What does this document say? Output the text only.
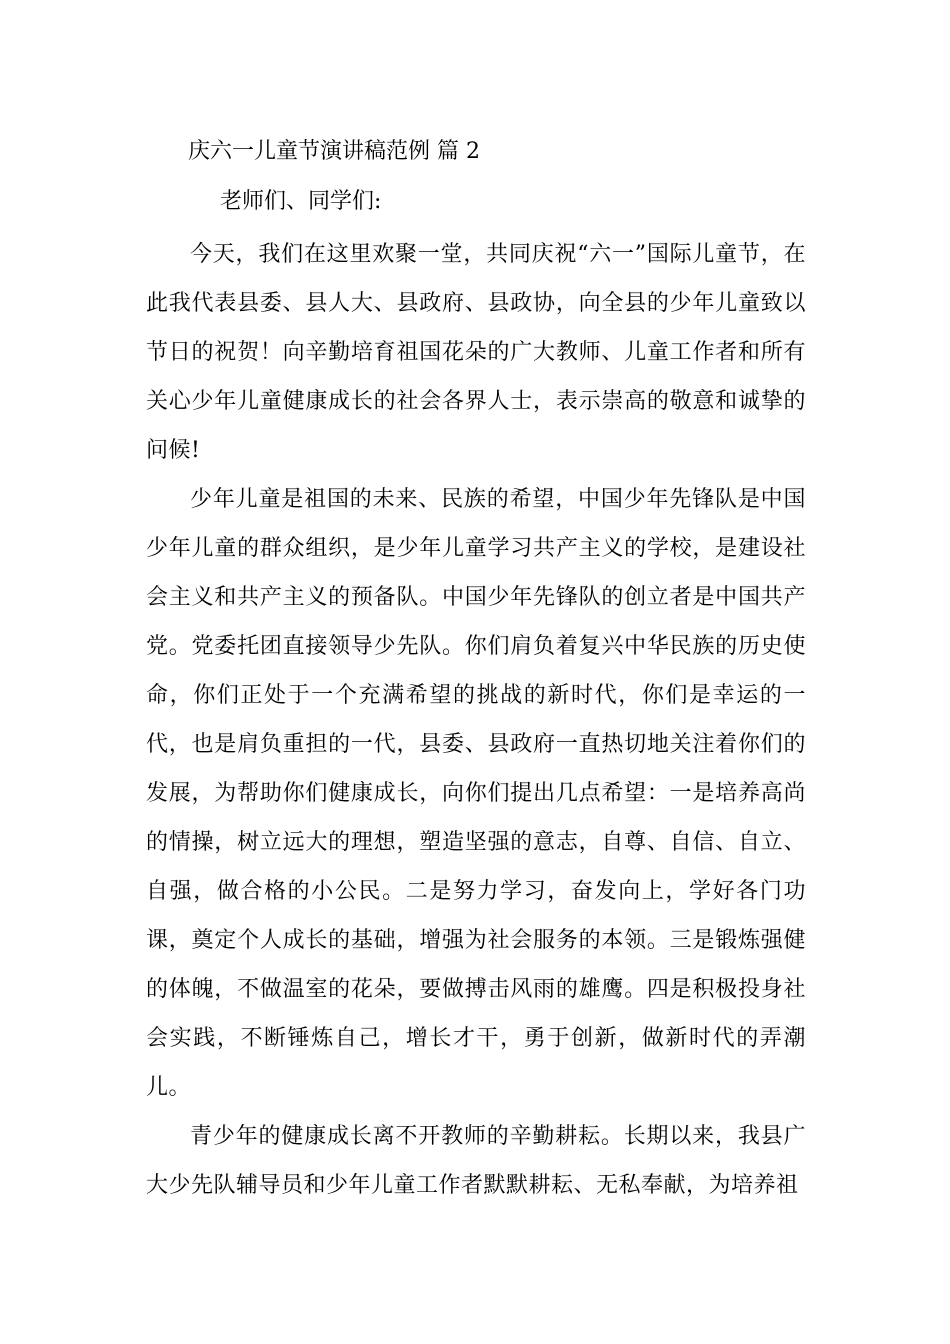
庆六一儿童节演讲稿范例 篇 2
老师们、同学们:

今天，我们在这里欢聚一堂，共同庆祝“六一”国际儿童节，在此我代表县委、县人大、县政府、县政协，向全县的少年儿童致以节日的祝贺！向辛勤培育祖国花朵的广大教师、儿童工作者和所有关心少年儿童健康成长的社会各界人士，表示崇高的敬意和诚挚的问候!

少年儿童是祖国的未来、民族的希望，中国少年先锋队是中国少年儿童的群众组织，是少年儿童学习共产主义的学校，是建设社会主义和共产主义的预备队。中国少年先锋队的创立者是中国共产党。党委托团直接领导少先队。你们肩负着复兴中华民族的历史使命，你们正处于一个充满希望的挑战的新时代，你们是幸运的一代，也是肩负重担的一代，县委、县政府一直热切地关注着你们的发展，为帮助你们健康成长，向你们提出几点希望：一是培养高尚的情操，树立远大的理想，塑造坚强的意志，自尊、自信、自立、自强，做合格的小公民。二是努力学习，奋发向上，学好各门功课，奠定个人成长的基础，增强为社会服务的本领。三是锻炼强健的体魄，不做温室的花朵，要做搏击风雨的雄鹰。四是积极投身社会实践，不断锤炼自己，增长才干，勇于创新，做新时代的弄潮儿。

青少年的健康成长离不开教师的辛勤耕耘。长期以来，我县广大少先队辅导员和少年儿童工作者默默耕耘、无私奉献，为培养祖
